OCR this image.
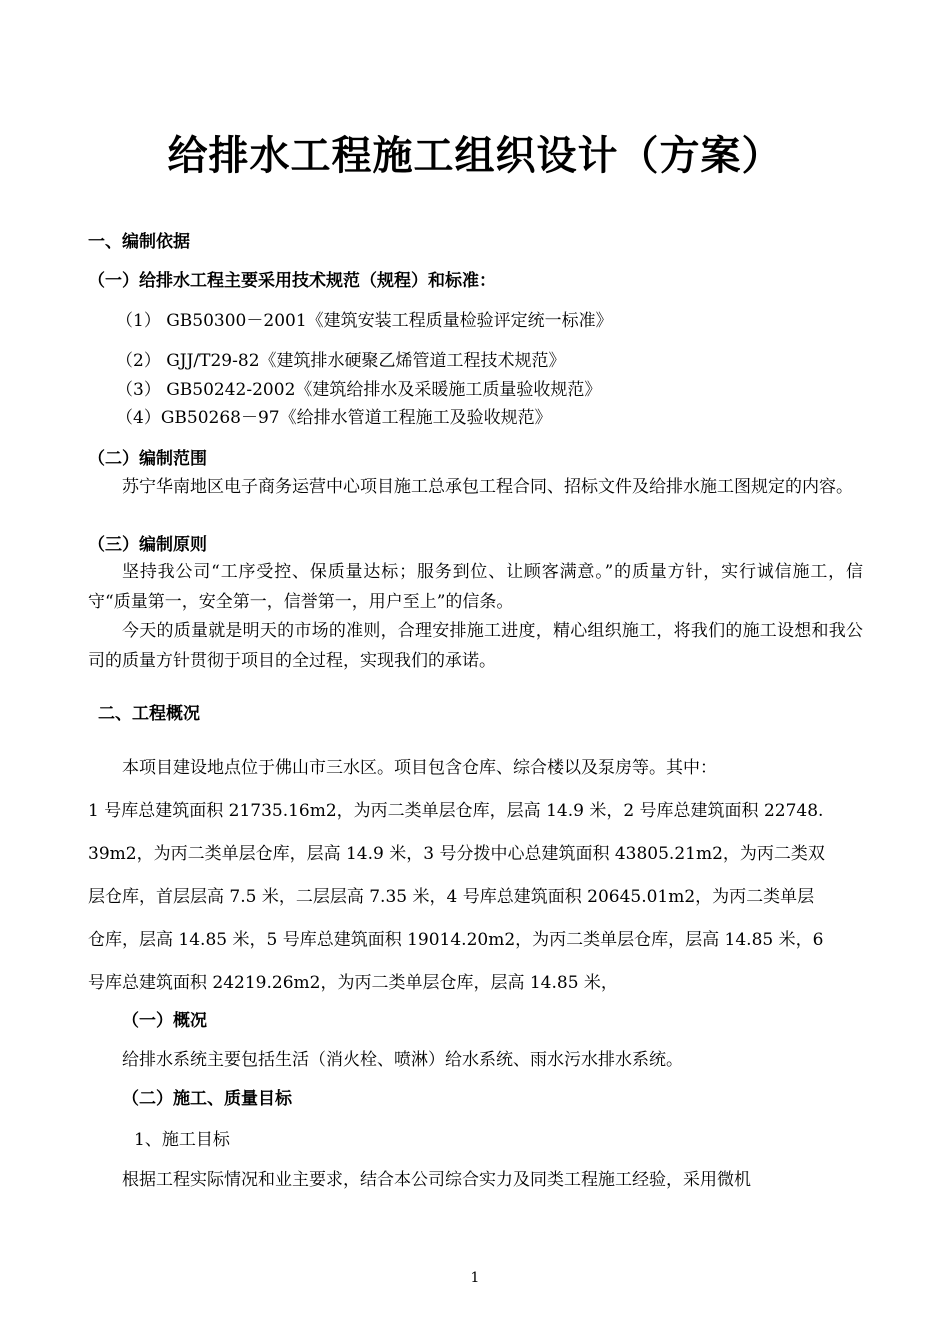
给排水工程施工组织设计（方案）
一、编制依据
（一）给排水工程主要采用技术规范（规程）和标准：
（1） GB50300－2001《建筑安装工程质量检验评定统一标准》
（2） GJJ/T29-82《建筑排水硬聚乙烯管道工程技术规范》
（3） GB50242-2002《建筑给排水及采暖施工质量验收规范》
（4）GB50268－97《给排水管道工程施工及验收规范》
（二）编制范围
苏宁华南地区电子商务运营中心项目施工总承包工程合同、招标文件及给排水施工图规定的内容。
（三）编制原则
坚持我公司“工序受控、保质量达标；服务到位、让顾客满意。”的质量方针，实行诚信施工，信守“质量第一，安全第一，信誉第一，用户至上”的信条。
今天的质量就是明天的市场的准则，合理安排施工进度，精心组织施工，将我们的施工设想和我公司的质量方针贯彻于项目的全过程，实现我们的承诺。
二、工程概况
本项目建设地点位于佛山市三水区。项目包含仓库、综合楼以及泵房等。其中：
1 号库总建筑面积 21735.16m2，为丙二类单层仓库，层高 14.9 米，2 号库总建筑面积 22748.
39m2，为丙二类单层仓库，层高 14.9 米，3 号分拨中心总建筑面积 43805.21m2，为丙二类双
层仓库，首层层高 7.5 米，二层层高 7.35 米，4 号库总建筑面积 20645.01m2，为丙二类单层
仓库，层高 14.85 米，5 号库总建筑面积 19014.20m2，为丙二类单层仓库，层高 14.85 米，6
号库总建筑面积 24219.26m2，为丙二类单层仓库，层高 14.85 米，
（一）概况
给排水系统主要包括生活（消火栓、喷淋）给水系统、雨水污水排水系统。
（二）施工、质量目标
1、施工目标
根据工程实际情况和业主要求，结合本公司综合实力及同类工程施工经验，采用微机
1
